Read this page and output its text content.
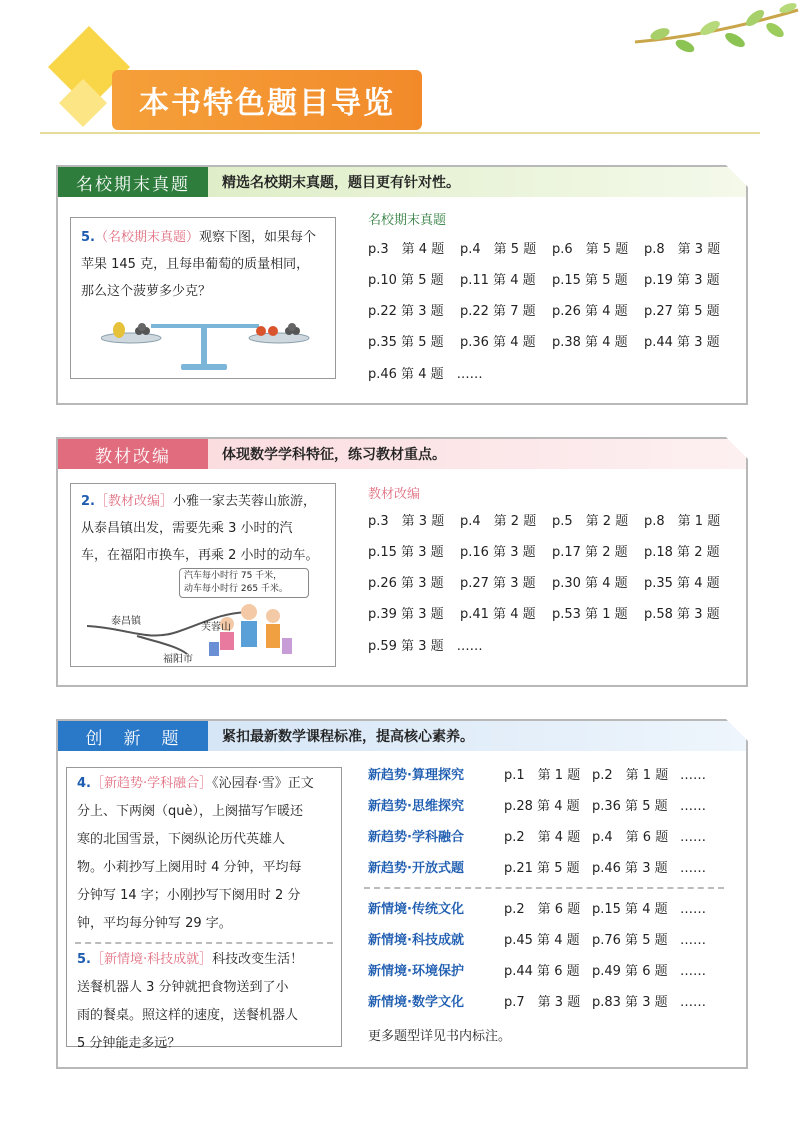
本书特色题目导览
名校期末真题	精选名校期末真题，题目更有针对性。
5.（名校期末真题）观察下图，如果每个
苹果 145 克，且每串葡萄的质量相同，
那么这个菠萝多少克？
名校期末真题
p.3　第 4 题	p.4　第 5 题	p.6　第 5 题	p.8　第 3 题
p.10 第 5 题	p.11 第 4 题	p.15 第 5 题	p.19 第 3 题
p.22 第 3 题	p.22 第 7 题	p.26 第 4 题	p.27 第 5 题
p.35 第 5 题	p.36 第 4 题	p.38 第 4 题	p.44 第 3 题
p.46 第 4 题　……
教材改编	体现数学学科特征，练习教材重点。
2.［教材改编］小雅一家去芙蓉山旅游，
从泰昌镇出发，需要先乘 3 小时的汽
车，在福阳市换车，再乘 2 小时的动车。
汽车每小时行 75 千米，
动车每小时行 265 千米。
泰昌镇
芙蓉山
福阳市
教材改编
p.3　第 3 题	p.4　第 2 题	p.5　第 2 题	p.8　第 1 题
p.15 第 3 题	p.16 第 3 题	p.17 第 2 题	p.18 第 2 题
p.26 第 3 题	p.27 第 3 题	p.30 第 4 题	p.35 第 4 题
p.39 第 3 题	p.41 第 4 题	p.53 第 1 题	p.58 第 3 题
p.59 第 3 题　……
创　新　题	紧扣最新数学课程标准，提高核心素养。
4.［新趋势·学科融合］《沁园春·雪》正文
分上、下两阕（què），上阕描写乍暖还
寒的北国雪景，下阕纵论历代英雄人
物。小莉抄写上阕用时 4 分钟，平均每
分钟写 14 字；小刚抄写下阕用时 2 分
钟，平均每分钟写 29 字。
5.［新情境·科技成就］科技改变生活！
送餐机器人 3 分钟就把食物送到了小
雨的餐桌。照这样的速度，送餐机器人
5 分钟能走多远？
新趋势·算理探究	p.1　第 1 题 p.2　第 1 题 ……
新趋势·思维探究	p.28 第 4 题 p.36 第 5 题 ……
新趋势·学科融合	p.2　第 4 题 p.4　第 6 题 ……
新趋势·开放式题	p.21 第 5 题 p.46 第 3 题 ……
新情境·传统文化	p.2　第 6 题 p.15 第 4 题 ……
新情境·科技成就	p.45 第 4 题 p.76 第 5 题 ……
新情境·环境保护	p.44 第 6 题 p.49 第 6 题 ……
新情境·数学文化	p.7　第 3 题 p.83 第 3 题 ……
更多题型详见书内标注。
